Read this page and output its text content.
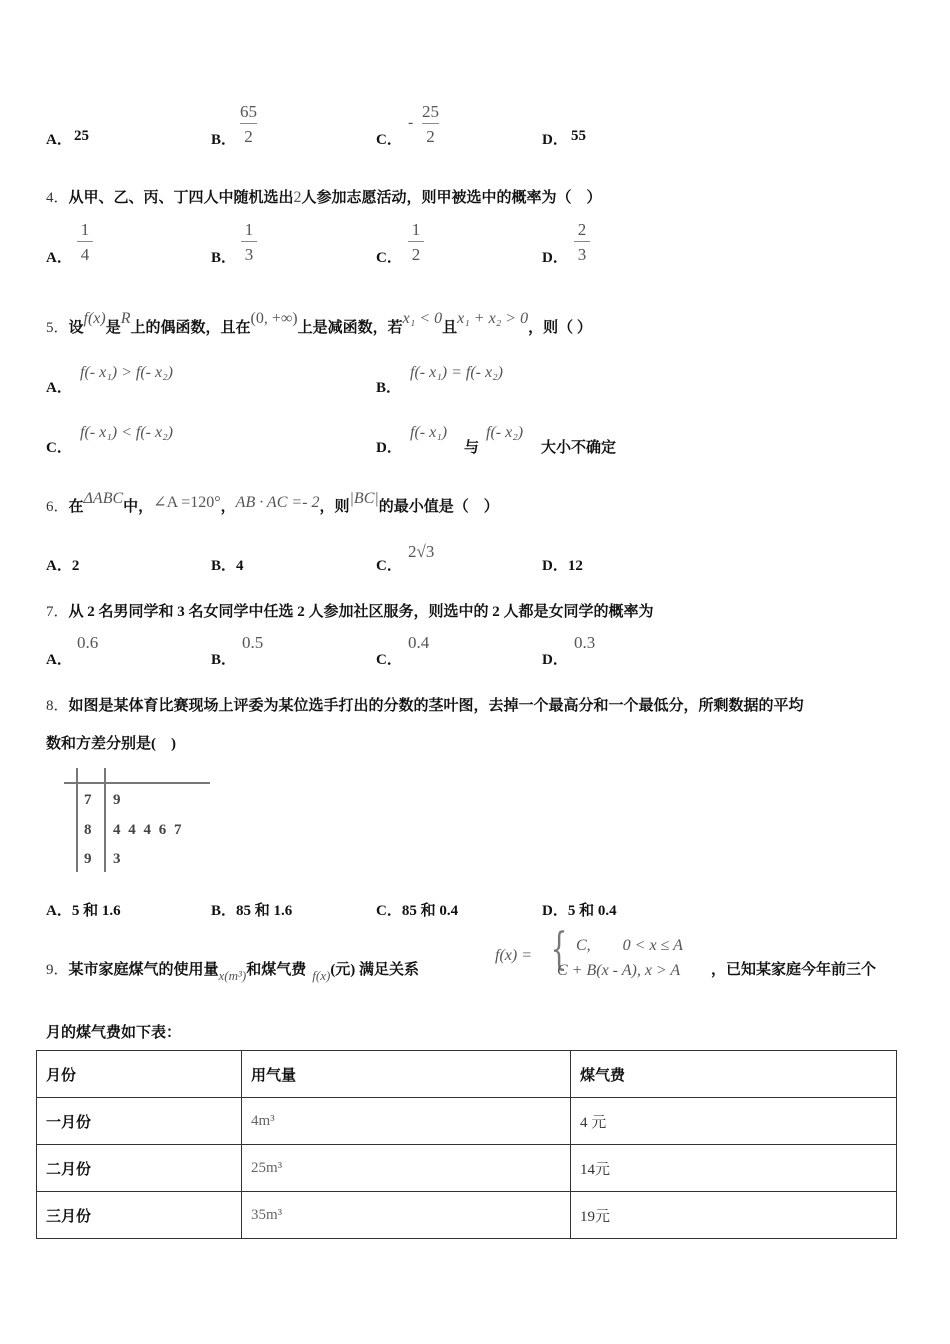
A． 25	B．
65
2	C．
-
25
2	D． 55
4．从甲、乙、丙、丁四人中随机选出2人参加志愿活动，则甲被选中的概率为（　）
A．
1
4	B．
1
3	C．
1
2	D．
2
3
5．设f(x)是R上的偶函数，且在(0, +∞)上是减函数，若x₁ < 0且x₁ + x₂ > 0，则（ ）
A．
f(- x₁) > f(- x₂)
B．
f(- x₁) = f(- x₂)
C．
f(- x₁) < f(- x₂)
D．
f(- x₁)
与
f(- x₂)
大小不确定
6．在ΔABC中，∠A =120°，AB · AC =- 2，则|BC|的最小值是（　）
A．2	B．4	C．
2√3
D．12
7．从 2 名男同学和 3 名女同学中任选 2 人参加社区服务，则选中的 2 人都是女同学的概率为
A．
0.6
B．
0.5
C．
0.4
D．
0.3
8．如图是某体育比赛现场上评委为某位选手打出的分数的茎叶图，去掉一个最高分和一个最低分，所剩数据的平均
数和方差分别是(　)
7 9
8 4 4 4 6 7
9 3
A．5 和 1.6	B．85 和 1.6	C．85 和 0.4	D．5 和 0.4
9．某市家庭煤气的使用量x(m³)和煤气费 f(x)(元) 满足关系
f(x) = { C,　　0 < x ≤ A
C + B(x - A), x > A ，已知某家庭今年前三个
月的煤气费如下表：
月份	用气量	煤气费
一月份	4m³	4 元
二月份	25m³	14元
三月份	35m³	19元
